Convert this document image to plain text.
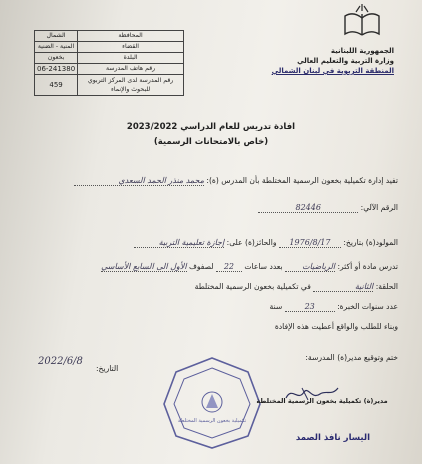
الجمهورية اللبنانية
وزارة التربية والتعليم العالي
المنطقة التربوية في لبنان الشمالي
المحافظة	الشمال
القضاء	المنية - الضنية
البلدة	بخعون
رقم هاتف المدرسة	06-241380
رقم المدرسة لدى المركز التربوي للبحوث والإنماء	459
افادة تدريس للعام الدراسي 2023/2022
(خاص بالامتحانات الرسمية)
تفيد إدارة تكميلية بخعون الرسمية المختلطة بأن المدرس (ة): محمد منذر الحمد السعدي
الرقم الآلي: 82446
المولود(ة) بتاريخ: 1976/8/17 والحائز(ة) على: إجازة تعليمية التربية
تدرس مادة أو أكثر: الرياضيات بعدد ساعات 22 لصفوف الأول الى السابع الأساسي
الحلقة: الثانية في تكميلية بخعون الرسمية المختلطة
عدد سنوات الخبرة: 23 سنة
وبناء للطلب والواقع أعطيت هذه الإفادة
ختم وتوقيع مدير(ة) المدرسة:
التاريخ:
2022/6/8
تكميلية بخعون الرسمية المختلطة
مدير(ة) تكميلية بخعون الرسمية المختلطة
اليسار نافذ الصمد
